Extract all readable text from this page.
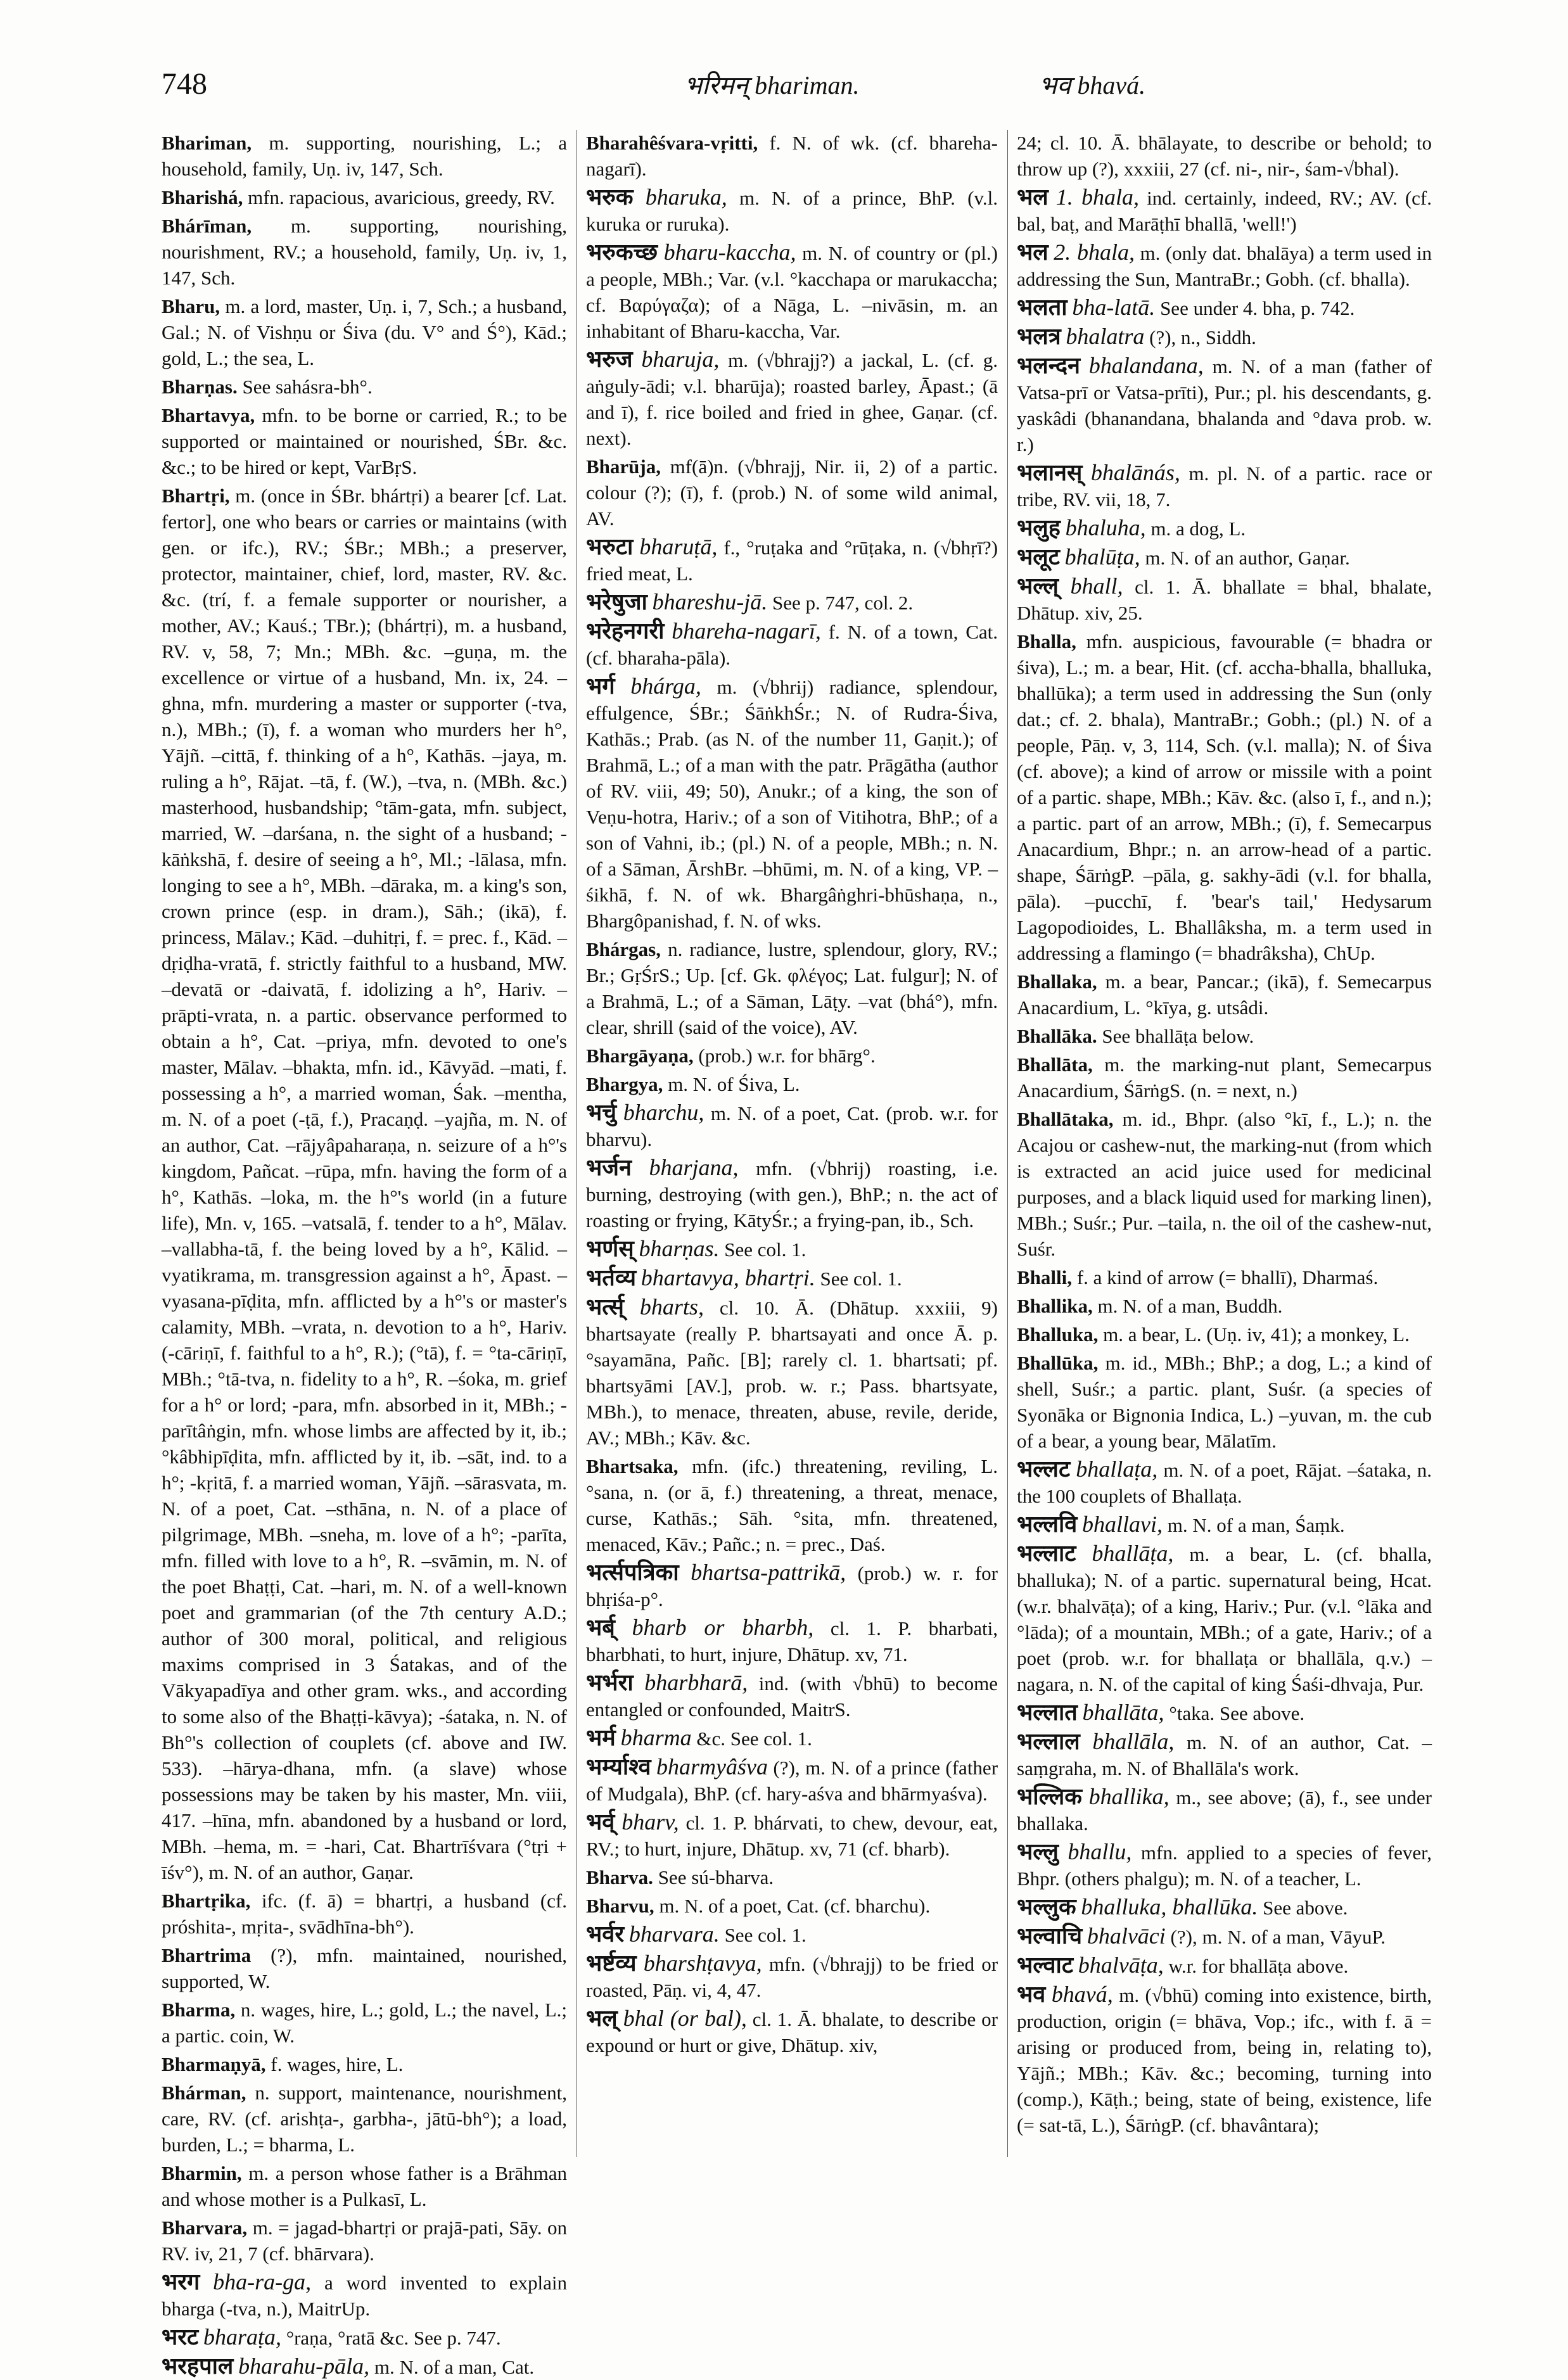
748	भरिमन् bhariman.	भव bhavá.

Bhariman, m. supporting, nourishing, L.; a household, family, Uṇ. iv, 147, Sch.

Bharishá, mfn. rapacious, avaricious, greedy, RV.

Bhárīman, m. supporting, nourishing, nourishment, RV.; a household, family, Uṇ. iv, 1, 147, Sch.

Bharu, m. a lord, master, Uṇ. i, 7, Sch.; a husband, Gal.; N. of Vishṇu or Śiva (du. V° and Ś°), Kād.; gold, L.; the sea, L.

Bharṇas. See sahásra-bh°.

Bhartavya, mfn. to be borne or carried, R.; to be supported or maintained or nourished, ŚBr. &c. &c.; to be hired or kept, VarBṛS.

Bhartṛi, m. (once in ŚBr. bhártṛi) a bearer [cf. Lat. fertor], one who bears or carries or maintains (with gen. or ifc.), RV.; ŚBr.; MBh.; a preserver, protector, maintainer, chief, lord, master, RV. &c. &c. (trí, f. a female supporter or nourisher, a mother, AV.; Kauś.; TBr.); (bhártṛi), m. a husband, RV. v, 58, 7; Mn.; MBh. &c. –guṇa, m. the excellence or virtue of a husband, Mn. ix, 24. –ghna, mfn. murdering a master or supporter (-tva, n.), MBh.; (ī), f. a woman who murders her h°, Yājñ. –cittā, f. thinking of a h°, Kathās. –jaya, m. ruling a h°, Rājat. –tā, f. (W.), –tva, n. (MBh. &c.) masterhood, husbandship; °tām-gata, mfn. subject, married, W. –darśana, n. the sight of a husband; -kāṅkshā, f. desire of seeing a h°, Ml.; -lālasa, mfn. longing to see a h°, MBh. –dāraka, m. a king's son, crown prince (esp. in dram.), Sāh.; (ikā), f. princess, Mālav.; Kād. –duhitṛi, f. = prec. f., Kād. –dṛiḍha-vratā, f. strictly faithful to a husband, MW. –devatā or -daivatā, f. idolizing a h°, Hariv. –prāpti-vrata, n. a partic. observance performed to obtain a h°, Cat. –priya, mfn. devoted to one's master, Mālav. –bhakta, mfn. id., Kāvyād. –mati, f. possessing a h°, a married woman, Śak. –mentha, m. N. of a poet (-ṭā, f.), Pracaṇḍ. –yajña, m. N. of an author, Cat. –rājyâpaharaṇa, n. seizure of a h°'s kingdom, Pañcat. –rūpa, mfn. having the form of a h°, Kathās. –loka, m. the h°'s world (in a future life), Mn. v, 165. –vatsalā, f. tender to a h°, Mālav. –vallabha-tā, f. the being loved by a h°, Kālid. –vyatikrama, m. transgression against a h°, Āpast. –vyasana-pīḍita, mfn. afflicted by a h°'s or master's calamity, MBh. –vrata, n. devotion to a h°, Hariv. (-cāriṇī, f. faithful to a h°, R.); (°tā), f. = °ta-cāriṇī, MBh.; °tā-tva, n. fidelity to a h°, R. –śoka, m. grief for a h° or lord; -para, mfn. absorbed in it, MBh.; -parītâṅgin, mfn. whose limbs are affected by it, ib.; °kâbhipīḍita, mfn. afflicted by it, ib. –sāt, ind. to a h°; -kṛitā, f. a married woman, Yājñ. –sārasvata, m. N. of a poet, Cat. –sthāna, n. N. of a place of pilgrimage, MBh. –sneha, m. love of a h°; -parīta, mfn. filled with love to a h°, R. –svāmin, m. N. of the poet Bhaṭṭi, Cat. –hari, m. N. of a well-known poet and grammarian (of the 7th century A.D.; author of 300 moral, political, and religious maxims comprised in 3 Śatakas, and of the Vākyapadīya and other gram. wks., and according to some also of the Bhaṭṭi-kāvya); -śataka, n. N. of Bh°'s collection of couplets (cf. above and IW. 533). –hārya-dhana, mfn. (a slave) whose possessions may be taken by his master, Mn. viii, 417. –hīna, mfn. abandoned by a husband or lord, MBh. –hema, m. = -hari, Cat. Bhartrīśvara (°tṛi + īśv°), m. N. of an author, Gaṇar.

Bhartṛika, ifc. (f. ā) = bhartṛi, a husband (cf. próshita-, mṛita-, svādhīna-bh°).

Bhartrima (?), mfn. maintained, nourished, supported, W.

Bharma, n. wages, hire, L.; gold, L.; the navel, L.; a partic. coin, W.

Bharmaṇyā, f. wages, hire, L.

Bhárman, n. support, maintenance, nourishment, care, RV. (cf. arishṭa-, garbha-, jātū-bh°); a load, burden, L.; = bharma, L.

Bharmin, m. a person whose father is a Brāhman and whose mother is a Pulkasī, L.

Bharvara, m. = jagad-bhartṛi or prajā-pati, Sāy. on RV. iv, 21, 7 (cf. bhārvara).

भरग bha-ra-ga, a word invented to explain bharga (-tva, n.), MaitrUp.

भरट bharaṭa, °raṇa, °ratā &c. See p. 747.

भरहपाल bharahu-pāla, m. N. of a man, Cat.

Bharahêśvara-vṛitti, f. N. of wk. (cf. bhareha-nagarī).

भरुक bharuka, m. N. of a prince, BhP. (v.l. kuruka or ruruka).

भरुकच्छ bharu-kaccha, m. N. of country or (pl.) a people, MBh.; Var. (v.l. °kacchapa or marukaccha; cf. Βαρύγαζα); of a Nāga, L. –nivāsin, m. an inhabitant of Bharu-kaccha, Var.

भरुज bharuja, m. (√bhrajj?) a jackal, L. (cf. g. aṅguly-ādi; v.l. bharūja); roasted barley, Āpast.; (ā and ī), f. rice boiled and fried in ghee, Gaṇar. (cf. next).

Bharūja, mf(ā)n. (√bhrajj, Nir. ii, 2) of a partic. colour (?); (ī), f. (prob.) N. of some wild animal, AV.

भरुटा bharuṭā, f., °ruṭaka and °rūṭaka, n. (√bhṛī?) fried meat, L.

भरेषुजा bhareshu-jā. See p. 747, col. 2.

भरेहनगरी bhareha-nagarī, f. N. of a town, Cat. (cf. bharaha-pāla).

भर्ग bhárga, m. (√bhrij) radiance, splendour, effulgence, ŚBr.; ŚāṅkhŚr.; N. of Rudra-Śiva, Kathās.; Prab. (as N. of the number 11, Gaṇit.); of Brahmā, L.; of a man with the patr. Prāgātha (author of RV. viii, 49; 50), Anukr.; of a king, the son of Veṇu-hotra, Hariv.; of a son of Vitihotra, BhP.; of a son of Vahni, ib.; (pl.) N. of a people, MBh.; n. N. of a Sāman, ĀrshBr. –bhūmi, m. N. of a king, VP. –śikhā, f. N. of wk. Bhargâṅghri-bhūshaṇa, n., Bhargôpanishad, f. N. of wks.

Bhárgas, n. radiance, lustre, splendour, glory, RV.; Br.; GṛŚrS.; Up. [cf. Gk. φλέγος; Lat. fulgur]; N. of a Brahmā, L.; of a Sāman, Lāṭy. –vat (bhá°), mfn. clear, shrill (said of the voice), AV.

Bhargāyaṇa, (prob.) w.r. for bhārg°.

Bhargya, m. N. of Śiva, L.

भर्चु bharchu, m. N. of a poet, Cat. (prob. w.r. for bharvu).

भर्जन bharjana, mfn. (√bhrij) roasting, i.e. burning, destroying (with gen.), BhP.; n. the act of roasting or frying, KātyŚr.; a frying-pan, ib., Sch.

भर्णस् bharṇas. See col. 1.

भर्तव्य bhartavya, bhartṛi. See col. 1.

भर्त्स् bharts, cl. 10. Ā. (Dhātup. xxxiii, 9) bhartsayate (really P. bhartsayati and once Ā. p. °sayamāna, Pañc. [B]; rarely cl. 1. bhartsati; pf. bhartsyāmi [AV.], prob. w. r.; Pass. bhartsyate, MBh.), to menace, threaten, abuse, revile, deride, AV.; MBh.; Kāv. &c.

Bhartsaka, mfn. (ifc.) threatening, reviling, L. °sana, n. (or ā, f.) threatening, a threat, menace, curse, Kathās.; Sāh. °sita, mfn. threatened, menaced, Kāv.; Pañc.; n. = prec., Daś.

भर्त्सपत्रिका bhartsa-pattrikā, (prob.) w. r. for bhṛiśa-p°.

भर्ब् bharb or bharbh, cl. 1. P. bharbati, bharbhati, to hurt, injure, Dhātup. xv, 71.

भर्भरा bharbharā, ind. (with √bhū) to become entangled or confounded, MaitrS.

भर्म bharma &c. See col. 1.

भर्म्याश्व bharmyâśva (?), m. N. of a prince (father of Mudgala), BhP. (cf. hary-aśva and bhārmyaśva).

भर्व् bharv, cl. 1. P. bhárvati, to chew, devour, eat, RV.; to hurt, injure, Dhātup. xv, 71 (cf. bharb).

Bharva. See sú-bharva.

Bharvu, m. N. of a poet, Cat. (cf. bharchu).

भर्वर bharvara. See col. 1.

भर्ष्टव्य bharshṭavya, mfn. (√bhrajj) to be fried or roasted, Pāṇ. vi, 4, 47.

भल् bhal (or bal), cl. 1. Ā. bhalate, to describe or expound or hurt or give, Dhātup. xiv,

24; cl. 10. Ā. bhālayate, to describe or behold; to throw up (?), xxxiii, 27 (cf. ni-, nir-, śam-√bhal).

भल 1. bhala, ind. certainly, indeed, RV.; AV. (cf. bal, baṭ, and Marāṭhī bhallā, 'well!')

भल 2. bhala, m. (only dat. bhalāya) a term used in addressing the Sun, MantraBr.; Gobh. (cf. bhalla).

भलता bha-latā. See under 4. bha, p. 742.

भलत्र bhalatra (?), n., Siddh.

भलन्दन bhalandana, m. N. of a man (father of Vatsa-prī or Vatsa-prīti), Pur.; pl. his descendants, g. yaskâdi (bhanandana, bhalanda and °dava prob. w. r.)

भलानस् bhalānás, m. pl. N. of a partic. race or tribe, RV. vii, 18, 7.

भलुह bhaluha, m. a dog, L.

भलूट bhalūṭa, m. N. of an author, Gaṇar.

भल्ल् bhall, cl. 1. Ā. bhallate = bhal, bhalate, Dhātup. xiv, 25.

Bhalla, mfn. auspicious, favourable (= bhadra or śiva), L.; m. a bear, Hit. (cf. accha-bhalla, bhalluka, bhallūka); a term used in addressing the Sun (only dat.; cf. 2. bhala), MantraBr.; Gobh.; (pl.) N. of a people, Pāṇ. v, 3, 114, Sch. (v.l. malla); N. of Śiva (cf. above); a kind of arrow or missile with a point of a partic. shape, MBh.; Kāv. &c. (also ī, f., and n.); a partic. part of an arrow, MBh.; (ī), f. Semecarpus Anacardium, Bhpr.; n. an arrow-head of a partic. shape, ŚārṅgP. –pāla, g. sakhy-ādi (v.l. for bhalla, pāla). –pucchī, f. 'bear's tail,' Hedysarum Lagopodioides, L. Bhallâksha, m. a term used in addressing a flamingo (= bhadrâksha), ChUp.

Bhallaka, m. a bear, Pancar.; (ikā), f. Semecarpus Anacardium, L. °kīya, g. utsâdi.

Bhallāka. See bhallāṭa below.

Bhallāta, m. the marking-nut plant, Semecarpus Anacardium, ŚārṅgS. (n. = next, n.)

Bhallātaka, m. id., Bhpr. (also °kī, f., L.); n. the Acajou or cashew-nut, the marking-nut (from which is extracted an acid juice used for medicinal purposes, and a black liquid used for marking linen), MBh.; Suśr.; Pur. –taila, n. the oil of the cashew-nut, Suśr.

Bhalli, f. a kind of arrow (= bhallī), Dharmaś.

Bhallika, m. N. of a man, Buddh.

Bhalluka, m. a bear, L. (Uṇ. iv, 41); a monkey, L.

Bhallūka, m. id., MBh.; BhP.; a dog, L.; a kind of shell, Suśr.; a partic. plant, Suśr. (a species of Syonāka or Bignonia Indica, L.) –yuvan, m. the cub of a bear, a young bear, Mālatīm.

भल्लट bhallaṭa, m. N. of a poet, Rājat. –śataka, n. the 100 couplets of Bhallaṭa.

भल्लवि bhallavi, m. N. of a man, Śaṃk.

भल्लाट bhallāṭa, m. a bear, L. (cf. bhalla, bhalluka); N. of a partic. supernatural being, Hcat. (w.r. bhalvāṭa); of a king, Hariv.; Pur. (v.l. °lāka and °lāda); of a mountain, MBh.; of a gate, Hariv.; of a poet (prob. w.r. for bhallaṭa or bhallāla, q.v.) –nagara, n. N. of the capital of king Śaśi-dhvaja, Pur.

भल्लात bhallāta, °taka. See above.

भल्लाल bhallāla, m. N. of an author, Cat. –saṃgraha, m. N. of Bhallāla's work.

भल्लिक bhallika, m., see above; (ā), f., see under bhallaka.

भल्लु bhallu, mfn. applied to a species of fever, Bhpr. (others phalgu); m. N. of a teacher, L.

भल्लुक bhalluka, bhallūka. See above.

भल्वाचि bhalvāci (?), m. N. of a man, VāyuP.

भल्वाट bhalvāṭa, w.r. for bhallāṭa above.

भव bhavá, m. (√bhū) coming into existence, birth, production, origin (= bhāva, Vop.; ifc., with f. ā = arising or produced from, being in, relating to), Yājñ.; MBh.; Kāv. &c.; becoming, turning into (comp.), Kāṭh.; being, state of being, existence, life (= sat-tā, L.), ŚārṅgP. (cf. bhavântara);
